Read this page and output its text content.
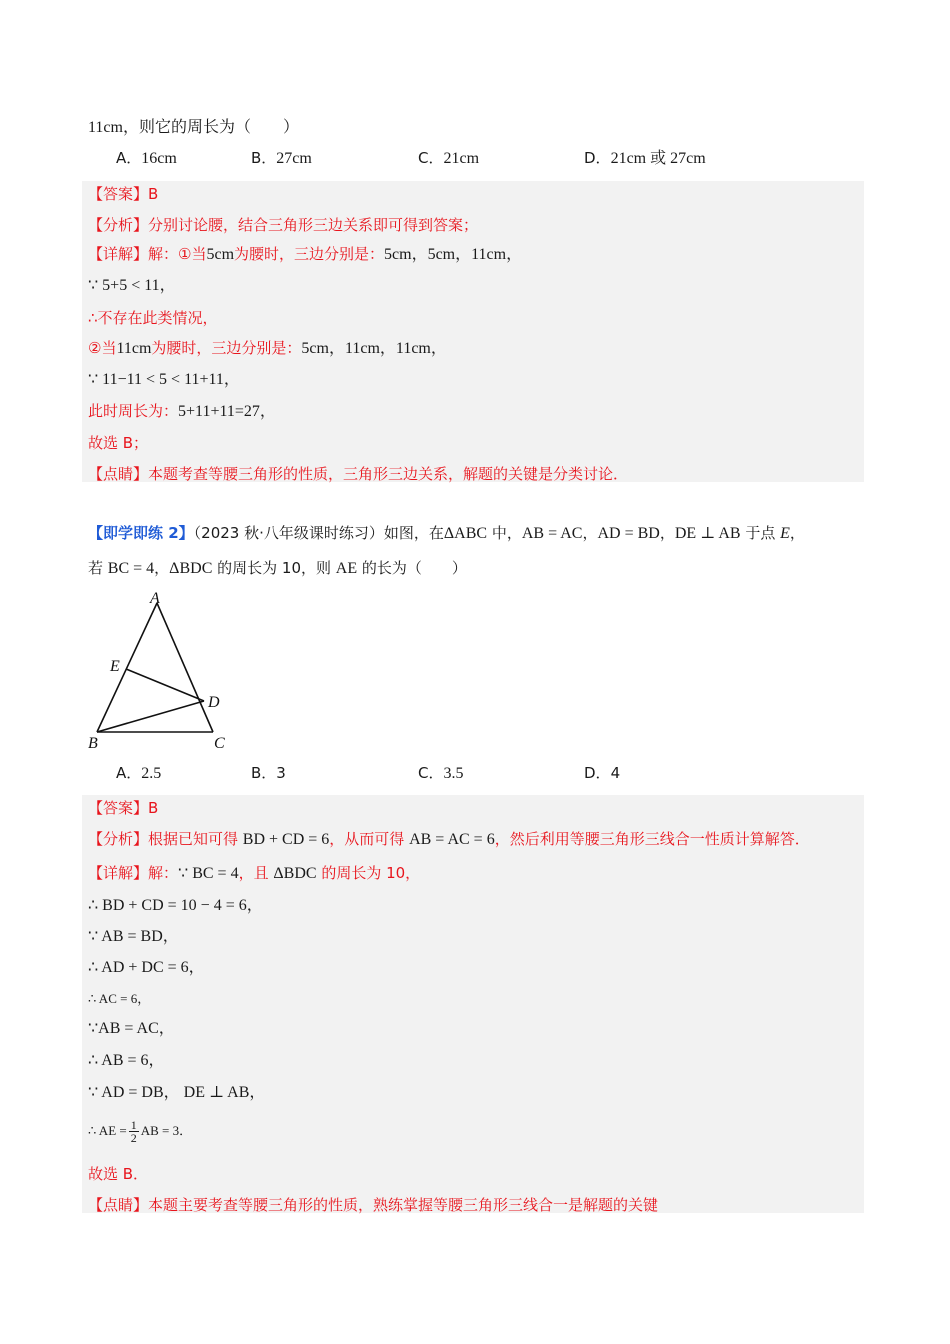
11cm，则它的周长为（　　）
A．16cm	B．27cm	C．21cm	D．21cm 或 27cm
【答案】B
【分析】分别讨论腰，结合三角形三边关系即可得到答案；
【详解】解：①当5cm为腰时，三边分别是：5cm，5cm，11cm，
∵ 5+5 < 11，
∴不存在此类情况，
②当11cm为腰时，三边分别是：5cm，11cm，11cm，
∵ 11−11 < 5 < 11+11，
此时周长为：5+11+11=27，
故选 B；
【点睛】本题考查等腰三角形的性质，三角形三边关系，解题的关键是分类讨论．
【即学即练 2】（2023 秋·八年级课时练习）如图，在ΔABC 中，AB = AC，AD = BD，DE ⊥ AB 于点 E，
若 BC = 4，ΔBDC 的周长为 10，则 AE 的长为（　　）
A
B	C
D
E
A．2.5	B．3	C．3.5	D．4
【答案】B
【分析】根据已知可得 BD + CD = 6，从而可得 AB = AC = 6，然后利用等腰三角形三线合一性质计算解答．
【详解】解：∵ BC = 4，且 ΔBDC 的周长为 10，
∴ BD + CD = 10 − 4 = 6，
∵ AB = BD，
∴ AD + DC = 6，
∴ AC = 6，
∵AB = AC，
∴ AB = 6，
∵ AD = DB， DE ⊥ AB，
∴ AE = $\frac{1}{2}$ AB = 3．
故选 B．
【点睛】本题主要考查等腰三角形的性质，熟练掌握等腰三角形三线合一是解题的关键
